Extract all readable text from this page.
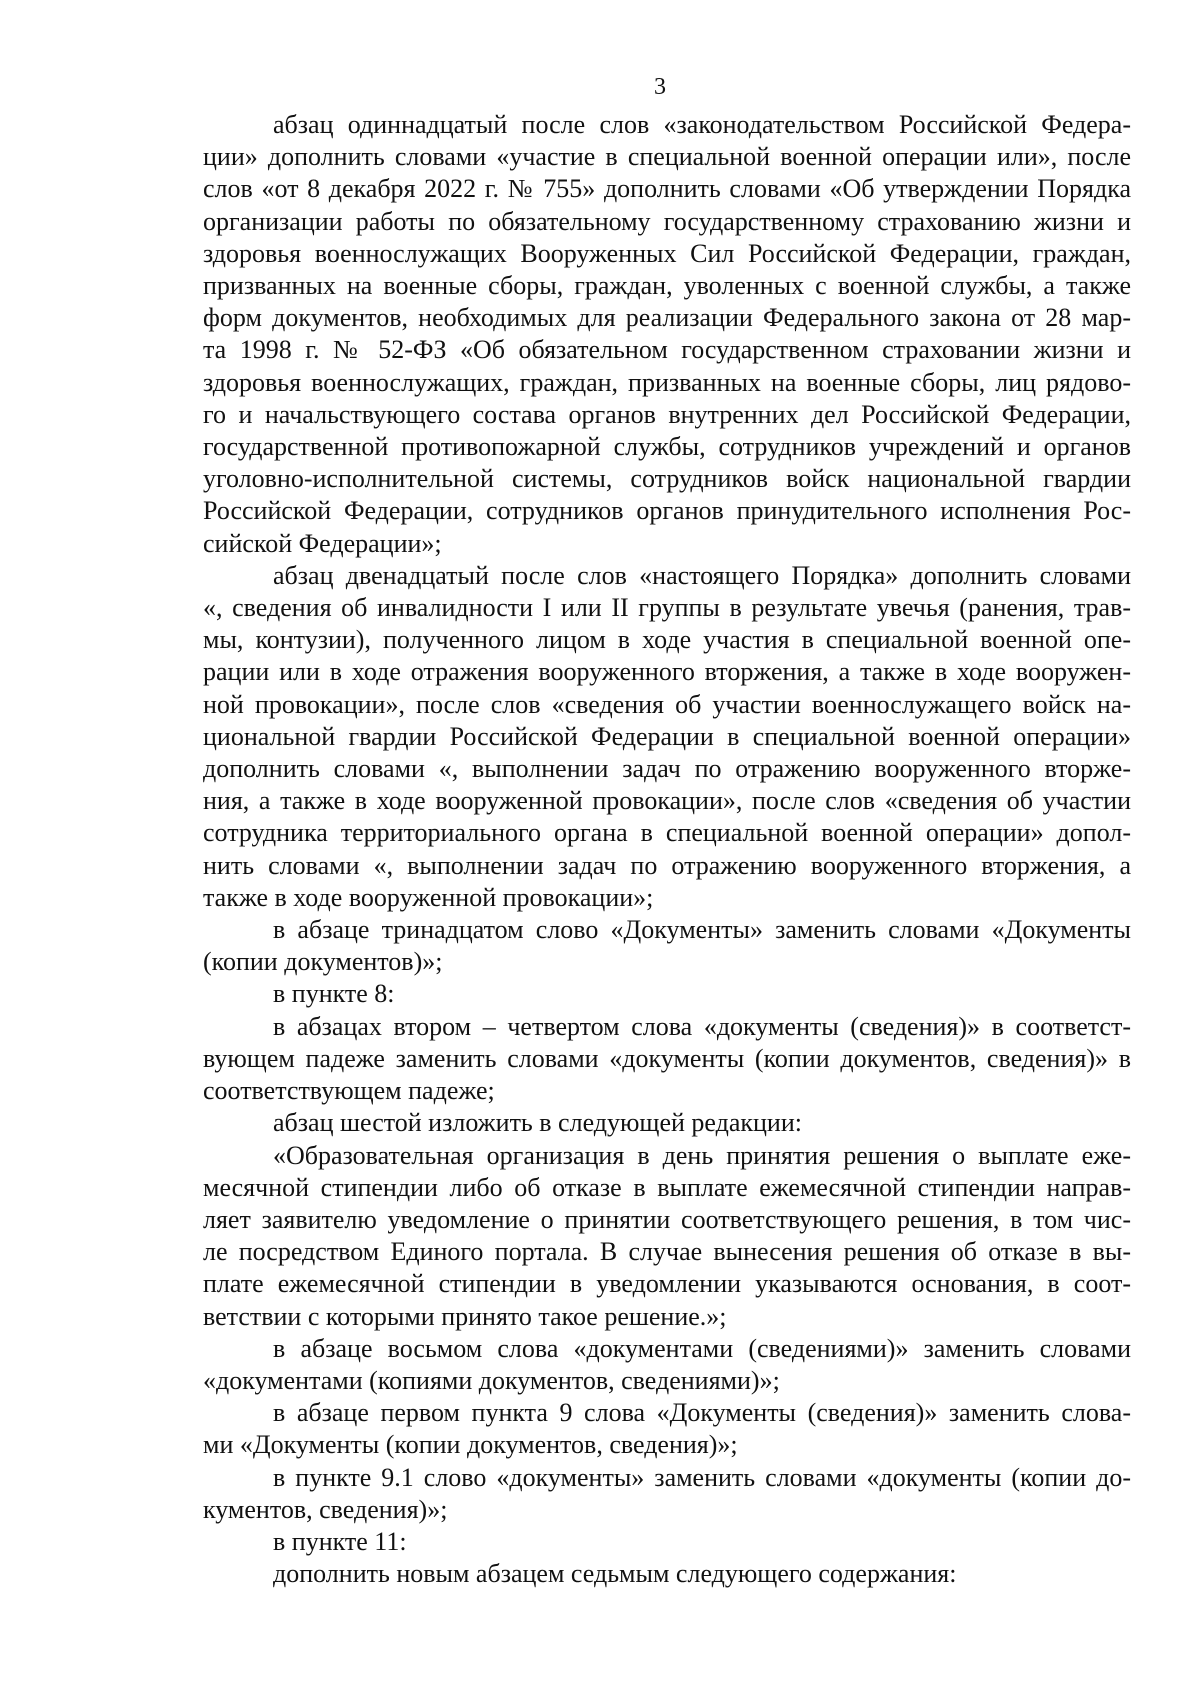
3
абзац одиннадцатый после слов «законодательством Российской Федера-
ции» дополнить словами «участие в специальной военной операции или», после
слов «от 8 декабря 2022 г. № 755» дополнить словами «Об утверждении Порядка
организации работы по обязательному государственному страхованию жизни и
здоровья военнослужащих Вооруженных Сил Российской Федерации, граждан,
призванных на военные сборы, граждан, уволенных с военной службы, а также
форм документов, необходимых для реализации Федерального закона от 28 мар-
та 1998 г. № 52-ФЗ «Об обязательном государственном страховании жизни и
здоровья военнослужащих, граждан, призванных на военные сборы, лиц рядово-
го и начальствующего состава органов внутренних дел Российской Федерации,
государственной противопожарной службы, сотрудников учреждений и органов
уголовно-исполнительной системы, сотрудников войск национальной гвардии
Российской Федерации, сотрудников органов принудительного исполнения Рос-
сийской Федерации»;
абзац двенадцатый после слов «настоящего Порядка» дополнить словами
«, сведения об инвалидности I или II группы в результате увечья (ранения, трав-
мы, контузии), полученного лицом в ходе участия в специальной военной опе-
рации или в ходе отражения вооруженного вторжения, а также в ходе вооружен-
ной провокации», после слов «сведения об участии военнослужащего войск на-
циональной гвардии Российской Федерации в специальной военной операции»
дополнить словами «, выполнении задач по отражению вооруженного вторже-
ния, а также в ходе вооруженной провокации», после слов «сведения об участии
сотрудника территориального органа в специальной военной операции» допол-
нить словами «, выполнении задач по отражению вооруженного вторжения, а
также в ходе вооруженной провокации»;
в абзаце тринадцатом слово «Документы» заменить словами «Документы
(копии документов)»;
в пункте 8:
в абзацах втором – четвертом слова «документы (сведения)» в соответст-
вующем падеже заменить словами «документы (копии документов, сведения)» в
соответствующем падеже;
абзац шестой изложить в следующей редакции:
«Образовательная организация в день принятия решения о выплате еже-
месячной стипендии либо об отказе в выплате ежемесячной стипендии направ-
ляет заявителю уведомление о принятии соответствующего решения, в том чис-
ле посредством Единого портала. В случае вынесения решения об отказе в вы-
плате ежемесячной стипендии в уведомлении указываются основания, в соот-
ветствии с которыми принято такое решение.»;
в абзаце восьмом слова «документами (сведениями)» заменить словами
«документами (копиями документов, сведениями)»;
в абзаце первом пункта 9 слова «Документы (сведения)» заменить слова-
ми «Документы (копии документов, сведения)»;
в пункте 9.1 слово «документы» заменить словами «документы (копии до-
кументов, сведения)»;
в пункте 11:
дополнить новым абзацем седьмым следующего содержания:
